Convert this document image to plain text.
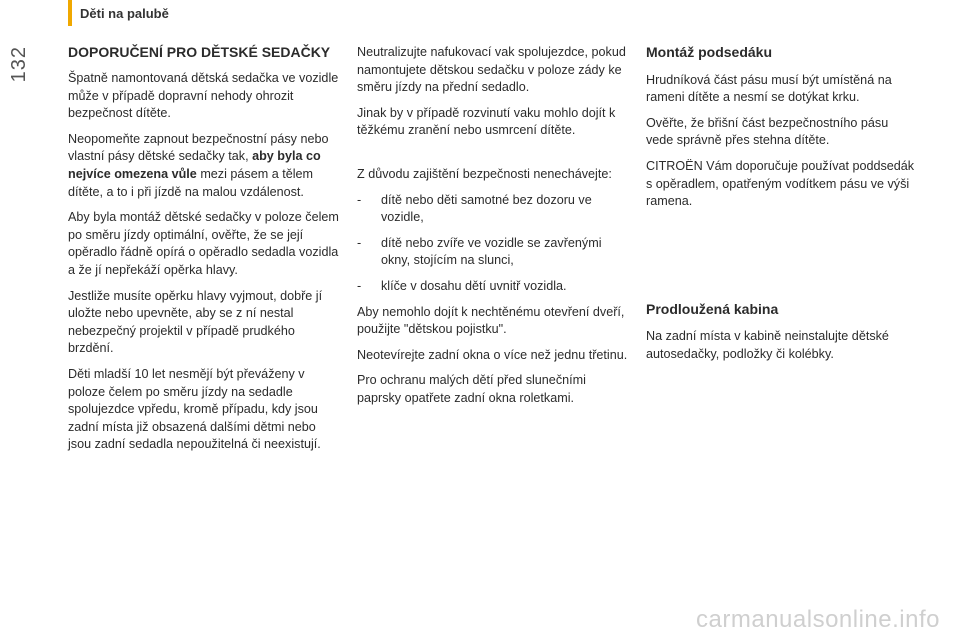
Děti na palubě
132	DOPORUČENÍ PRO DĚTSKÉ SEDAČKY

Špatně namontovaná dětská sedačka ve vozidle může v případě dopravní nehody ohrozit bezpečnost dítěte.

Neopomeňte zapnout bezpečnostní pásy nebo vlastní pásy dětské sedačky tak, aby byla co nejvíce omezena vůle mezi pásem a tělem dítěte, a to i při jízdě na malou vzdálenost.

Aby byla montáž dětské sedačky v poloze čelem po směru jízdy optimální, ověřte, že se její opěradlo řádně opírá o opěradlo sedadla vozidla a že jí nepřekáží opěrka hlavy.

Jestliže musíte opěrku hlavy vyjmout, dobře jí uložte nebo upevněte, aby se z ní nestal nebezpečný projektil v případě prudkého brzdění.

Děti mladší 10 let nesmějí být převáženy v poloze čelem po směru jízdy na sedadle spolujezdce vpředu, kromě případu, kdy jsou zadní místa již obsazená dalšími dětmi nebo jsou zadní sedadla nepoužitelná či neexistují.

Neutralizujte nafukovací vak spolujezdce, pokud namontujete dětskou sedačku v poloze zády ke směru jízdy na přední sedadlo.

Jinak by v případě rozvinutí vaku mohlo dojít k těžkému zranění nebo usmrcení dítěte.

Z důvodu zajištění bezpečnosti nenechávejte:

- dítě nebo děti samotné bez dozoru ve vozidle,
- dítě nebo zvíře ve vozidle se zavřenými okny, stojícím na slunci,
- klíče v dosahu dětí uvnitř vozidla.

Aby nemohlo dojít k nechtěnému otevření dveří, použijte "dětskou pojistku".

Neotevírejte zadní okna o více než jednu třetinu.

Pro ochranu malých dětí před slunečními paprsky opatřete zadní okna roletkami.

Montáž podsedáku

Hrudníková část pásu musí být umístěná na rameni dítěte a nesmí se dotýkat krku.

Ověřte, že břišní část bezpečnostního pásu vede správně přes stehna dítěte.

CITROËN Vám doporučuje používat poddsedák s opěradlem, opatřeným vodítkem pásu ve výši ramena.

Prodloužená kabina

Na zadní místa v kabině neinstalujte dětské autosedačky, podložky či kolébky.

carmanualsonline.info
